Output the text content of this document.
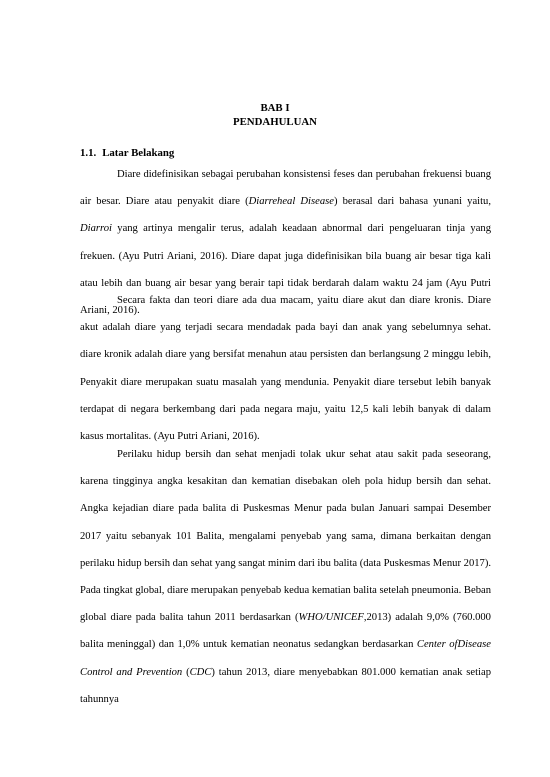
BAB I

PENDAHULUAN

1.1. Latar Belakang

Diare didefinisikan sebagai perubahan konsistensi feses dan perubahan frekuensi buang air besar. Diare atau penyakit diare (Diarreheal Disease) berasal dari bahasa yunani yaitu, Diarroi yang artinya mengalir terus, adalah keadaan abnormal dari pengeluaran tinja yang frekuen. (Ayu Putri Ariani, 2016). Diare dapat juga didefinisikan bila buang air besar tiga kali atau lebih dan buang air besar yang berair tapi tidak berdarah dalam waktu 24 jam (Ayu Putri Ariani, 2016).

Secara fakta dan teori diare ada dua macam, yaitu diare akut dan diare kronis. Diare akut adalah diare yang terjadi secara mendadak pada bayi dan anak yang sebelumnya sehat. diare kronik adalah diare yang bersifat menahun atau persisten dan berlangsung 2 minggu lebih, Penyakit diare merupakan suatu masalah yang mendunia. Penyakit diare tersebut lebih banyak terdapat di negara berkembang dari pada negara maju, yaitu 12,5 kali lebih banyak di dalam kasus mortalitas. (Ayu Putri Ariani, 2016).

Perilaku hidup bersih dan sehat menjadi tolak ukur sehat atau sakit pada seseorang, karena tingginya angka kesakitan dan kematian disebakan oleh pola hidup bersih dan sehat. Angka kejadian diare pada balita di Puskesmas Menur pada bulan Januari sampai Desember 2017 yaitu sebanyak 101 Balita, mengalami penyebab yang sama, dimana berkaitan dengan perilaku hidup bersih dan sehat yang sangat minim dari ibu balita (data Puskesmas Menur 2017). Pada tingkat global, diare merupakan penyebab kedua kematian balita setelah pneumonia. Beban global diare pada balita tahun 2011 berdasarkan (WHO/UNICEF,2013) adalah 9,0% (760.000 balita meninggal) dan 1,0% untuk kematian neonatus sedangkan berdasarkan Center ofDisease Control and Prevention (CDC) tahun 2013, diare menyebabkan 801.000 kematian anak setiap tahunnya
